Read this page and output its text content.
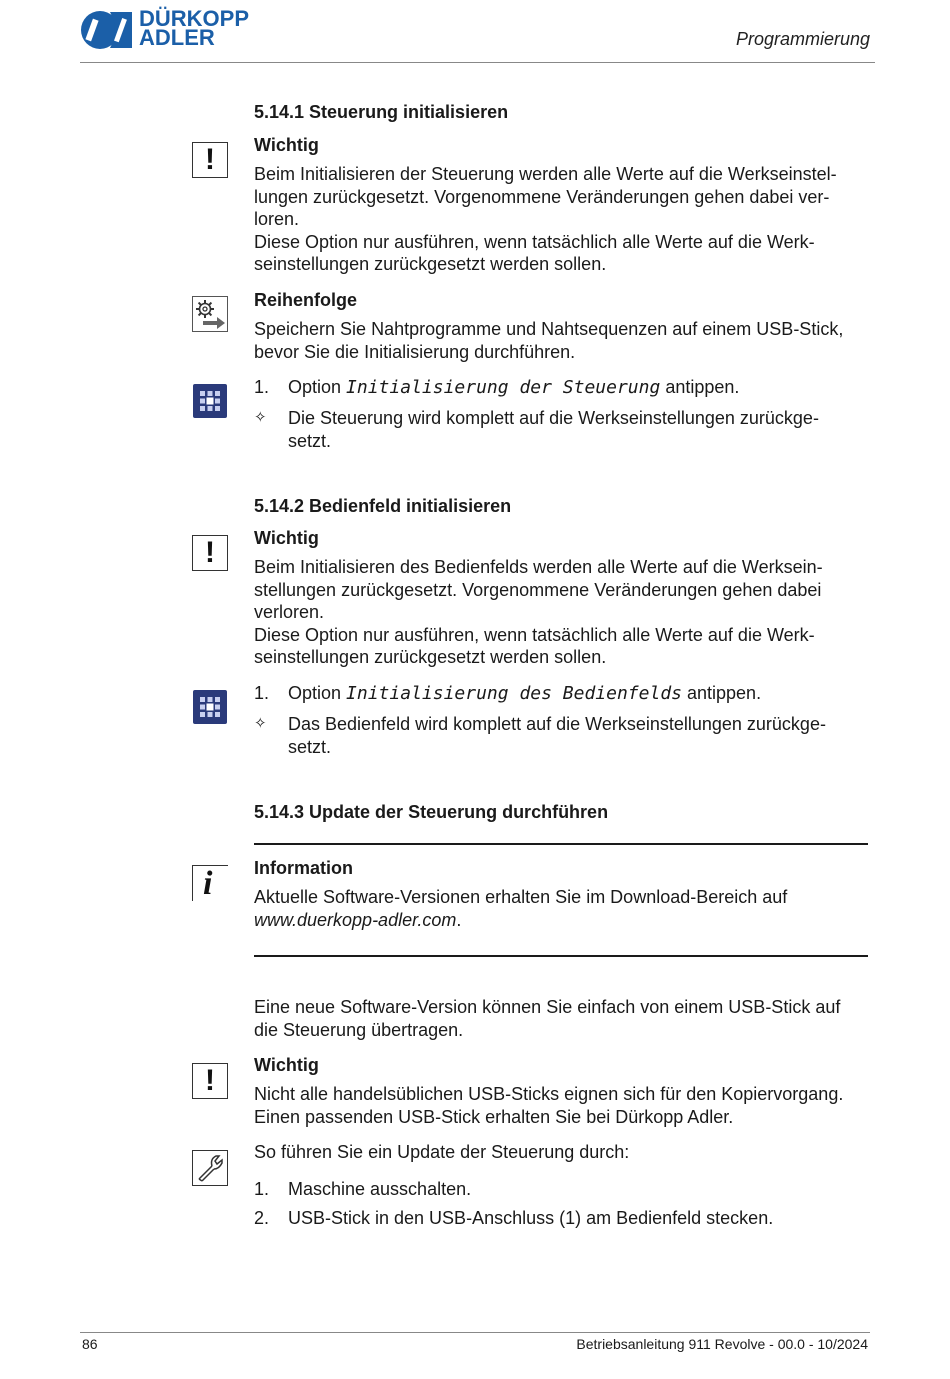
DÜRKOPP
ADLER	Programmierung
5.14.1 Steuerung initialisieren
!	Wichtig
Beim Initialisieren der Steuerung werden alle Werte auf die Werkseinstel-
lungen zurückgesetzt. Vorgenommene Veränderungen gehen dabei ver-
loren.
Diese Option nur ausführen, wenn tatsächlich alle Werte auf die Werk-
seinstellungen zurückgesetzt werden sollen.
Reihenfolge
Speichern Sie Nahtprogramme und Nahtsequenzen auf einem USB-Stick,
bevor Sie die Initialisierung durchführen.
1. Option Initialisierung der Steuerung antippen.
✧ Die Steuerung wird komplett auf die Werkseinstellungen zurückge-
setzt.
5.14.2 Bedienfeld initialisieren
!	Wichtig
Beim Initialisieren des Bedienfelds werden alle Werte auf die Werksein-
stellungen zurückgesetzt. Vorgenommene Veränderungen gehen dabei
verloren.
Diese Option nur ausführen, wenn tatsächlich alle Werte auf die Werk-
seinstellungen zurückgesetzt werden sollen.
1. Option Initialisierung des Bedienfelds antippen.
✧ Das Bedienfeld wird komplett auf die Werkseinstellungen zurückge-
setzt.
5.14.3 Update der Steuerung durchführen
i Information
Aktuelle Software-Versionen erhalten Sie im Download-Bereich auf
www.duerkopp-adler.com.
Eine neue Software-Version können Sie einfach von einem USB-Stick auf
die Steuerung übertragen.
!	Wichtig
Nicht alle handelsüblichen USB-Sticks eignen sich für den Kopiervorgang.
Einen passenden USB-Stick erhalten Sie bei Dürkopp Adler.
So führen Sie ein Update der Steuerung durch:
1. Maschine ausschalten.
2. USB-Stick in den USB-Anschluss (1) am Bedienfeld stecken.
86	Betriebsanleitung 911 Revolve - 00.0 - 10/2024
